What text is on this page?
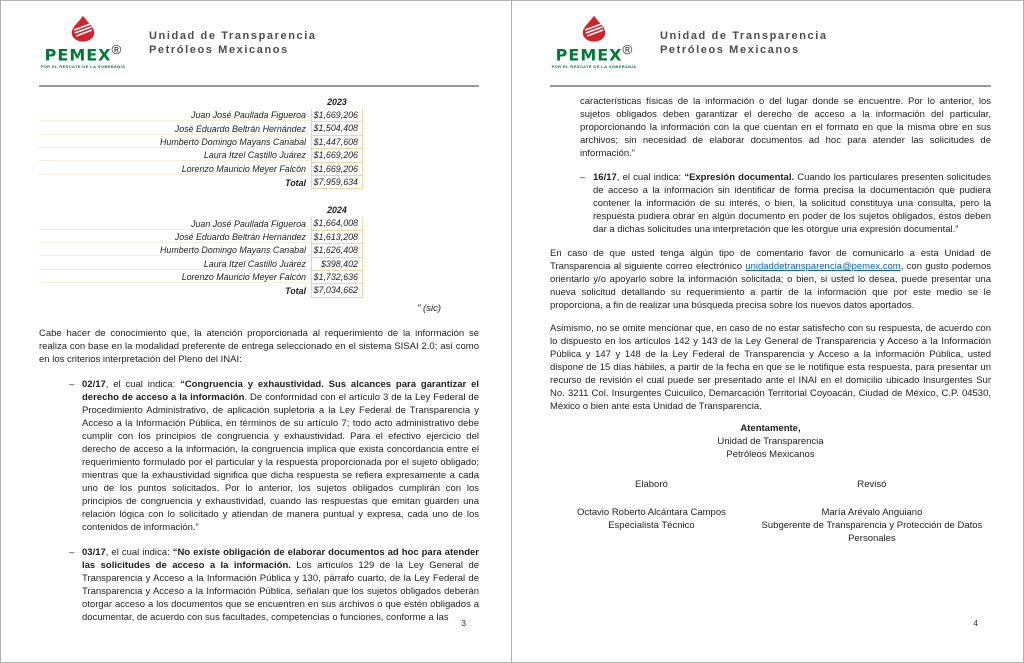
PEMEX®
POR EL RESCATE DE LA SOBERANÍA
Unidad de Transparencia
Petróleos Mexicanos
2023
Juan José Paullada Figueroa $1,669,206
José Eduardo Beltrán Hernández $1,504,408
Humberto Domingo Mayans Canabal $1,447,608
Laura Itzel Castillo Juárez $1,669,206
Lorenzo Mauricio Meyer Falcón $1,669,206
Total $7,959,634
2024
Juan José Paullada Figueroa $1,664,008
José Eduardo Beltrán Hernández $1,613,208
Humberto Domingo Mayans Canabal $1,626,408
Laura Itzel Castillo Juárez	$398,402
Lorenzo Mauricio Meyer Falcón $1,732,636
Total $7,034,662
” (sic)

Cabe hacer de conocimiento que, la atención proporcionada al requerimiento de la información se realiza con base en la modalidad preferente de entrega seleccionado en el sistema SISAI 2.0; así como en los criterios interpretación del Pleno del INAI:

– 02/17, el cual indica: “Congruencia y exhaustividad. Sus alcances para garantizar el derecho de acceso a la información. De conformidad con el artículo 3 de la Ley Federal de Procedimiento Administrativo, de aplicación supletoria a la Ley Federal de Transparencia y Acceso a la Información Pública, en términos de su artículo 7; todo acto administrativo debe cumplir con los principios de congruencia y exhaustividad. Para el efectivo ejercicio del derecho de acceso a la información, la congruencia implica que exista concordancia entre el requerimiento formulado por el particular y la respuesta proporcionada por el sujeto obligado; mientras que la exhaustividad significa que dicha respuesta se refiera expresamente a cada uno de los puntos solicitados. Por lo anterior, los sujetos obligados cumplirán con los principios de congruencia y exhaustividad, cuando las respuestas que emitan guarden una relación lógica con lo solicitado y atiendan de manera puntual y expresa, cada uno de los contenidos de información.”
– 03/17, el cual indica: “No existe obligación de elaborar documentos ad hoc para atender las solicitudes de acceso a la información. Los artículos 129 de la Ley General de Transparencia y Acceso a la Información Pública y 130, párrafo cuarto, de la Ley Federal de Transparencia y Acceso a la Información Pública, señalan que los sujetos obligados deberán otorgar acceso a los documentos que se encuentren en sus archivos o que estén obligados a documentar, de acuerdo con sus facultades, competencias o funciones, conforme a las
3
PEMEX®
POR EL RESCATE DE LA SOBERANÍA
Unidad de Transparencia
Petróleos Mexicanos

características físicas de la información o del lugar donde se encuentre. Por lo anterior, los sujetos obligados deben garantizar el derecho de acceso a la información del particular, proporcionando la información con la que cuentan en el formato en que la misma obre en sus archivos; sin necesidad de elaborar documentos ad hoc para atender las solicitudes de información.”

– 16/17, el cual indica: “Expresión documental. Cuando los particulares presenten solicitudes de acceso a la información sin identificar de forma precisa la documentación que pudiera contener la información de su interés, o bien, la solicitud constituya una consulta, pero la respuesta pudiera obrar en algún documento en poder de los sujetos obligados, éstos deben dar a dichas solicitudes una interpretación que les otorgue una expresión documental.”

En caso de que usted tenga algún tipo de comentario favor de comunicarlo a esta Unidad de Transparencia al siguiente correo electrónico unidaddetransparencia@pemex.com, con gusto podemos orientarlo y/o apoyarlo sobre la información solicitada; o bien, si usted lo desea, puede presentar una nueva solicitud detallando su requerimiento a partir de la información que por este medio se le proporciona, a fin de realizar una búsqueda precisa sobre los nuevos datos aportados.

Asimismo, no se omite mencionar que, en caso de no estar satisfecho con su respuesta, de acuerdo con lo dispuesto en los artículos 142 y 143 de la Ley General de Transparencia y Acceso a la Información Pública y 147 y 148 de la Ley Federal de Transparencia y Acceso a la información Pública, usted dispone de 15 días hábiles, a partir de la fecha en que se le notifique esta respuesta, para presentar un recurso de revisión el cual puede ser presentado ante el INAI en el domicilio ubicado Insurgentes Sur No. 3211 Col. Insurgentes Cuicuilco, Demarcación Territorial Coyoacán, Ciudad de México, C.P. 04530, México o bien ante esta Unidad de Transparencia.

Atentamente,
Unidad de Transparencia
Petróleos Mexicanos
Elaboró
Octavio Roberto Alcántara Campos
Especialista Técnico
Revisó
María Arévalo Anguiano
Subgerente de Transparencia y Protección de Datos Personales
4
